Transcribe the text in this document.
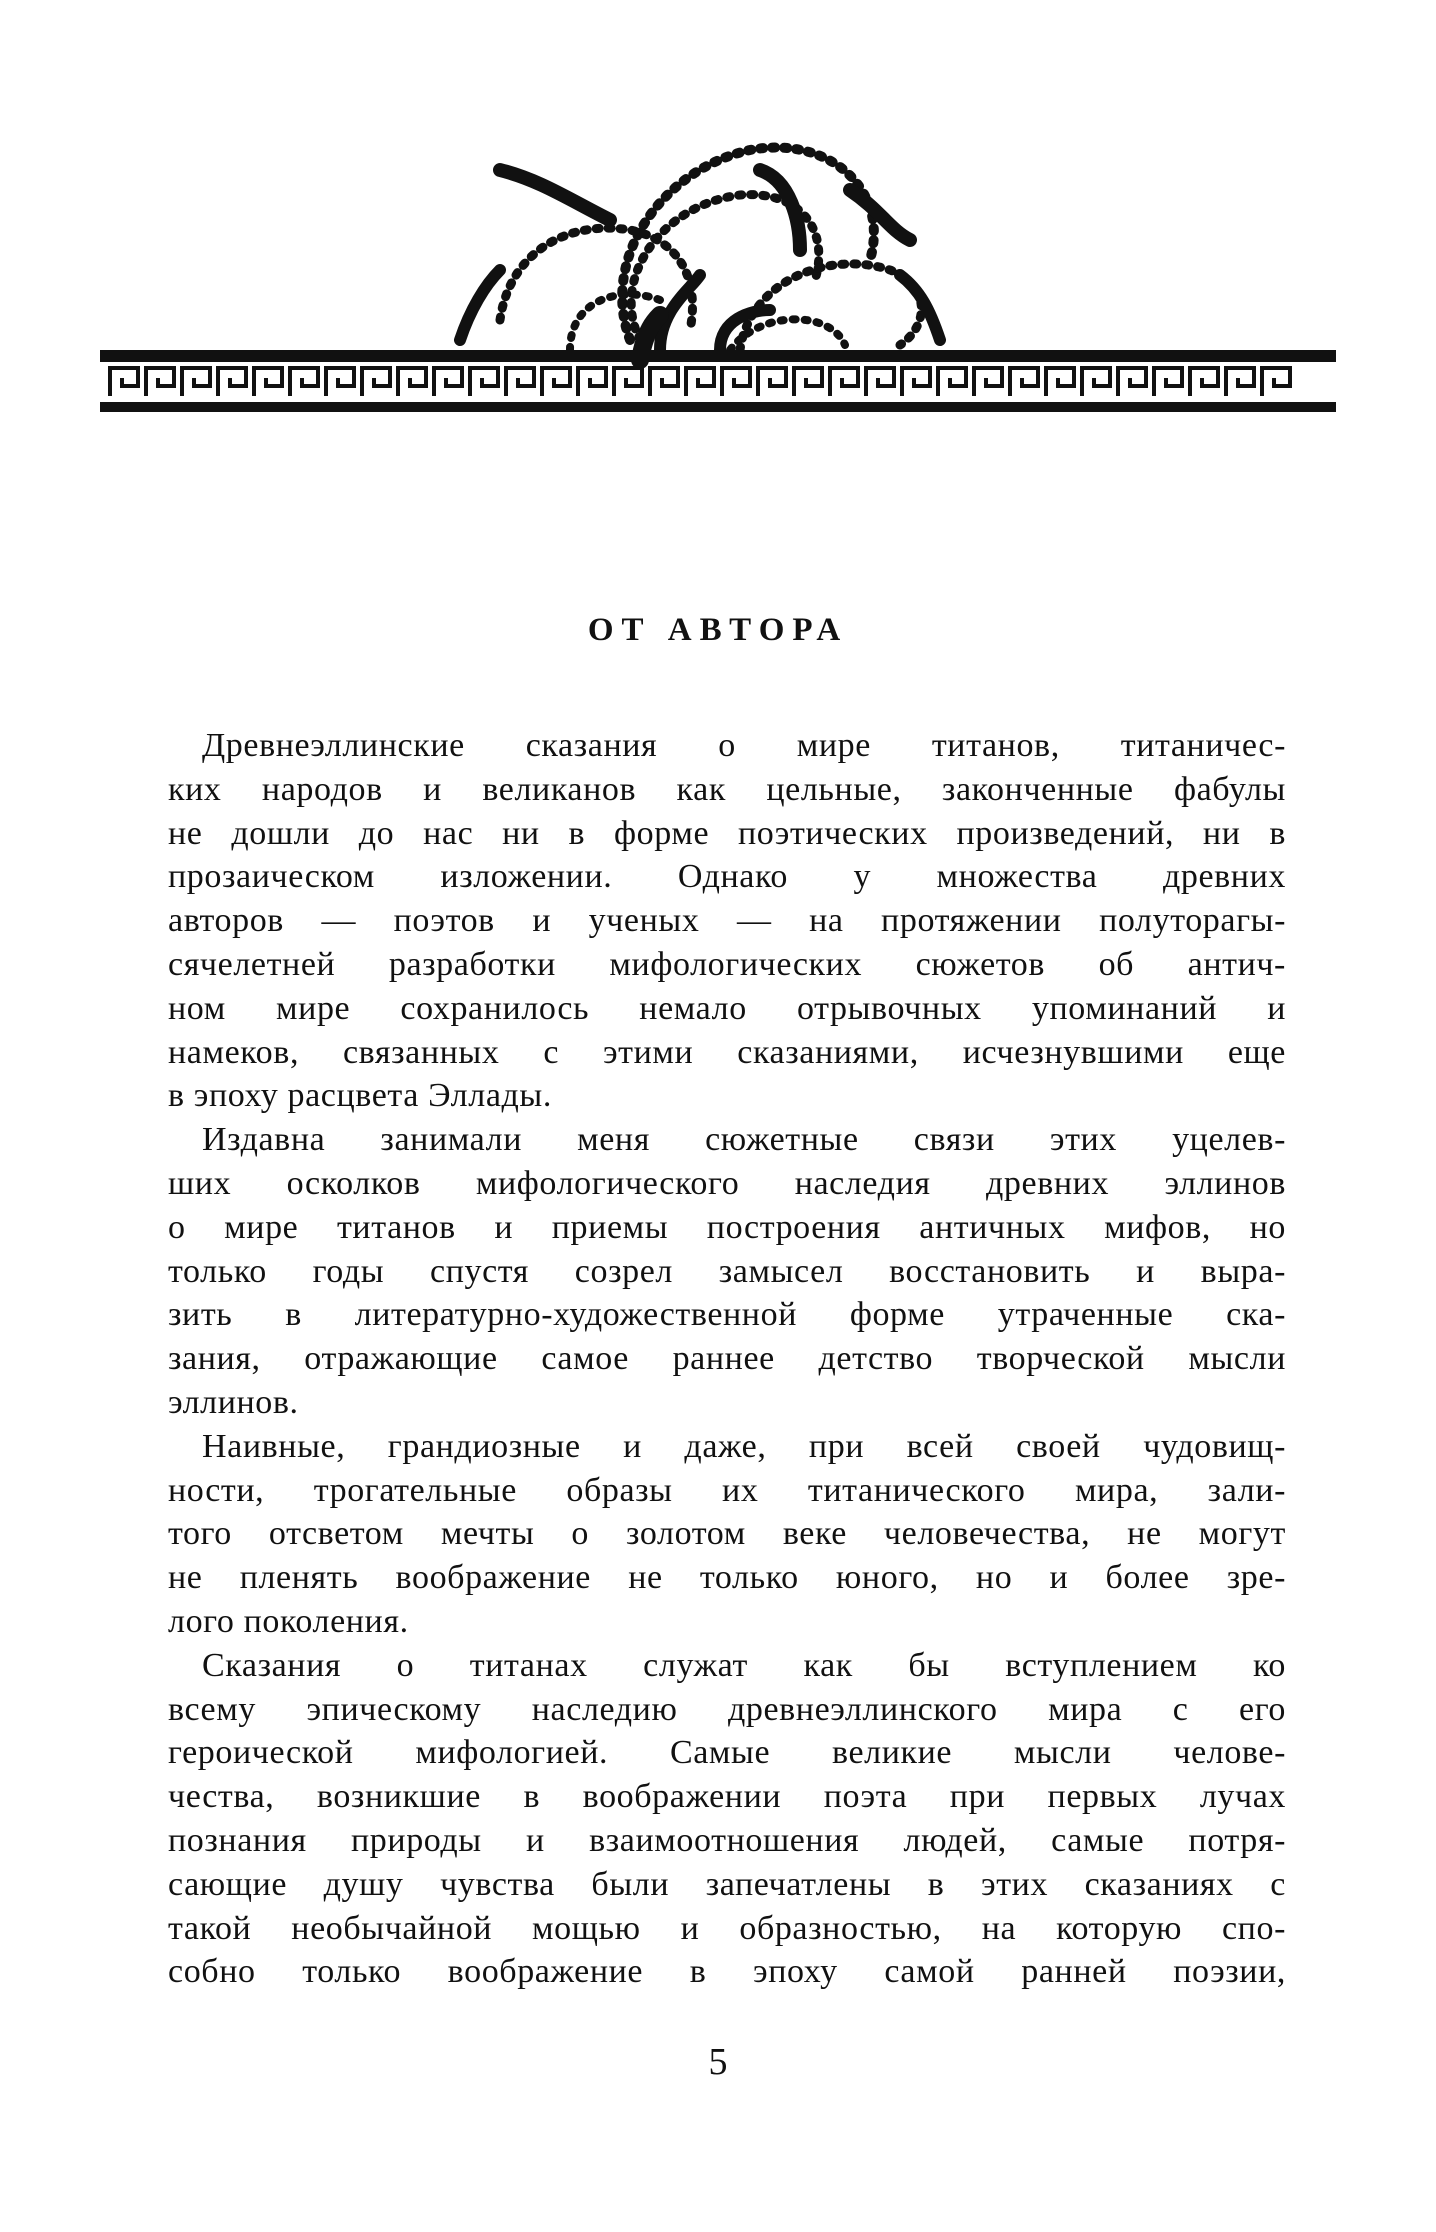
ОТ АВТОРА

Древнеэллинские сказания о мире титанов, титаничес-
ких народов и великанов как цельные, законченные фабулы
не дошли до нас ни в форме поэтических произведений, ни в
прозаическом изложении. Однако у множества древних
авторов — поэтов и ученых — на протяжении полуторагы-
сячелетней разработки мифологических сюжетов об антич-
ном мире сохранилось немало отрывочных упоминаний и
намеков, связанных с этими сказаниями, исчезнувшими еще
в эпоху расцвета Эллады.

Издавна занимали меня сюжетные связи этих уцелев-
ших осколков мифологического наследия древних эллинов
о мире титанов и приемы построения античных мифов, но
только годы спустя созрел замысел восстановить и выра-
зить в литературно-художественной форме утраченные ска-
зания, отражающие самое раннее детство творческой мысли
эллинов.

Наивные, грандиозные и даже, при всей своей чудовищ-
ности, трогательные образы их титанического мира, зали-
того отсветом мечты о золотом веке человечества, не могут
не пленять воображение не только юного, но и более зре-
лого поколения.

Сказания о титанах служат как бы вступлением ко
всему эпическому наследию древнеэллинского мира с его
героической мифологией. Самые великие мысли челове-
чества, возникшие в воображении поэта при первых лучах
познания природы и взаимоотношения людей, самые потря-
сающие душу чувства были запечатлены в этих сказаниях с
такой необычайной мощью и образностью, на которую спо-
собно только воображение в эпоху самой ранней поэзии,

5
